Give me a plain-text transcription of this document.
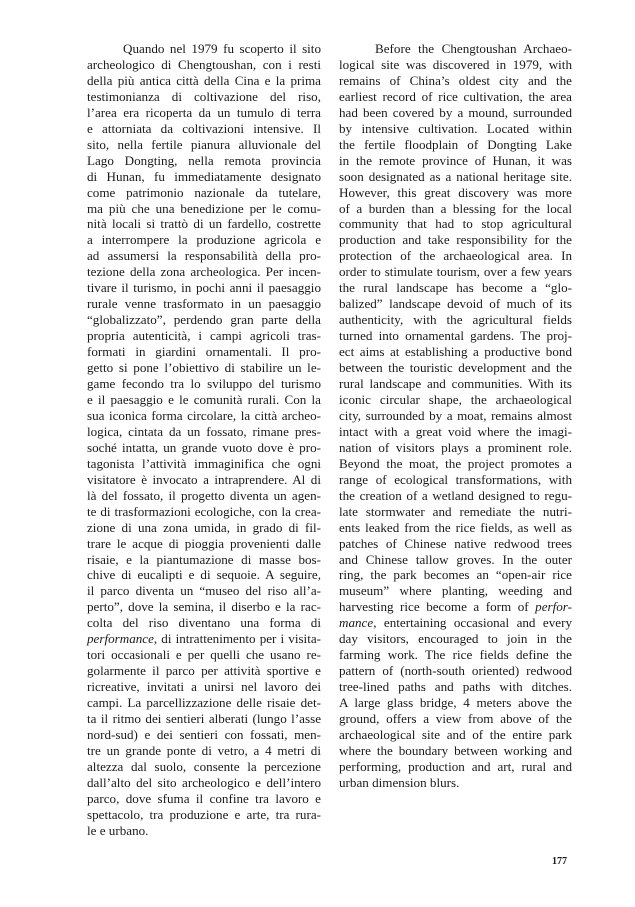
Quando nel 1979 fu scoperto il sito
archeologico di Chengtoushan, con i resti
della più antica città della Cina e la prima
testimonianza di coltivazione del riso,
l’area era ricoperta da un tumulo di terra
e attorniata da coltivazioni intensive. Il
sito, nella fertile pianura alluvionale del
Lago Dongting, nella remota provincia
di Hunan, fu immediatamente designato
come patrimonio nazionale da tutelare,
ma più che una benedizione per le comu-
nità locali si trattò di un fardello, costrette
a interrompere la produzione agricola e
ad assumersi la responsabilità della pro-
tezione della zona archeologica. Per incen-
tivare il turismo, in pochi anni il paesaggio
rurale venne trasformato in un paesaggio
“globalizzato”, perdendo gran parte della
propria autenticità, i campi agricoli tras-
formati in giardini ornamentali. Il pro-
getto si pone l’obiettivo di stabilire un le-
game fecondo tra lo sviluppo del turismo
e il paesaggio e le comunità rurali. Con la
sua iconica forma circolare, la città archeo-
logica, cintata da un fossato, rimane pres-
soché intatta, un grande vuoto dove è pro-
tagonista l’attività immaginifica che ogni
visitatore è invocato a intraprendere. Al di
là del fossato, il progetto diventa un agen-
te di trasformazioni ecologiche, con la crea-
zione di una zona umida, in grado di fil-
trare le acque di pioggia provenienti dalle
risaie, e la piantumazione di masse bos-
chive di eucalipti e di sequoie. A seguire,
il parco diventa un “museo del riso all’a-
perto”, dove la semina, il diserbo e la rac-
colta del riso diventano una forma di
performance, di intrattenimento per i visita-
tori occasionali e per quelli che usano re-
golarmente il parco per attività sportive e
ricreative, invitati a unirsi nel lavoro dei
campi. La parcellizzazione delle risaie det-
ta il ritmo dei sentieri alberati (lungo l’asse
nord-sud) e dei sentieri con fossati, men-
tre un grande ponte di vetro, a 4 metri di
altezza dal suolo, consente la percezione
dall’alto del sito archeologico e dell’intero
parco, dove sfuma il confine tra lavoro e
spettacolo, tra produzione e arte, tra rura-
le e urbano.
Before the Chengtoushan Archaeo-
logical site was discovered in 1979, with
remains of China’s oldest city and the
earliest record of rice cultivation, the area
had been covered by a mound, surrounded
by intensive cultivation. Located within
the fertile floodplain of Dongting Lake
in the remote province of Hunan, it was
soon designated as a national heritage site.
However, this great discovery was more
of a burden than a blessing for the local
community that had to stop agricultural
production and take responsibility for the
protection of the archaeological area. In
order to stimulate tourism, over a few years
the rural landscape has become a “glo-
balized” landscape devoid of much of its
authenticity, with the agricultural fields
turned into ornamental gardens. The proj-
ect aims at establishing a productive bond
between the touristic development and the
rural landscape and communities. With its
iconic circular shape, the archaeological
city, surrounded by a moat, remains almost
intact with a great void where the imagi-
nation of visitors plays a prominent role.
Beyond the moat, the project promotes a
range of ecological transformations, with
the creation of a wetland designed to regu-
late stormwater and remediate the nutri-
ents leaked from the rice fields, as well as
patches of Chinese native redwood trees
and Chinese tallow groves. In the outer
ring, the park becomes an “open-air rice
museum” where planting, weeding and
harvesting rice become a form of perfor-
mance, entertaining occasional and every
day visitors, encouraged to join in the
farming work. The rice fields define the
pattern of (north-south oriented) redwood
tree-lined paths and paths with ditches.
A large glass bridge, 4 meters above the
ground, offers a view from above of the
archaeological site and of the entire park
where the boundary between working and
performing, production and art, rural and
urban dimension blurs.
177
